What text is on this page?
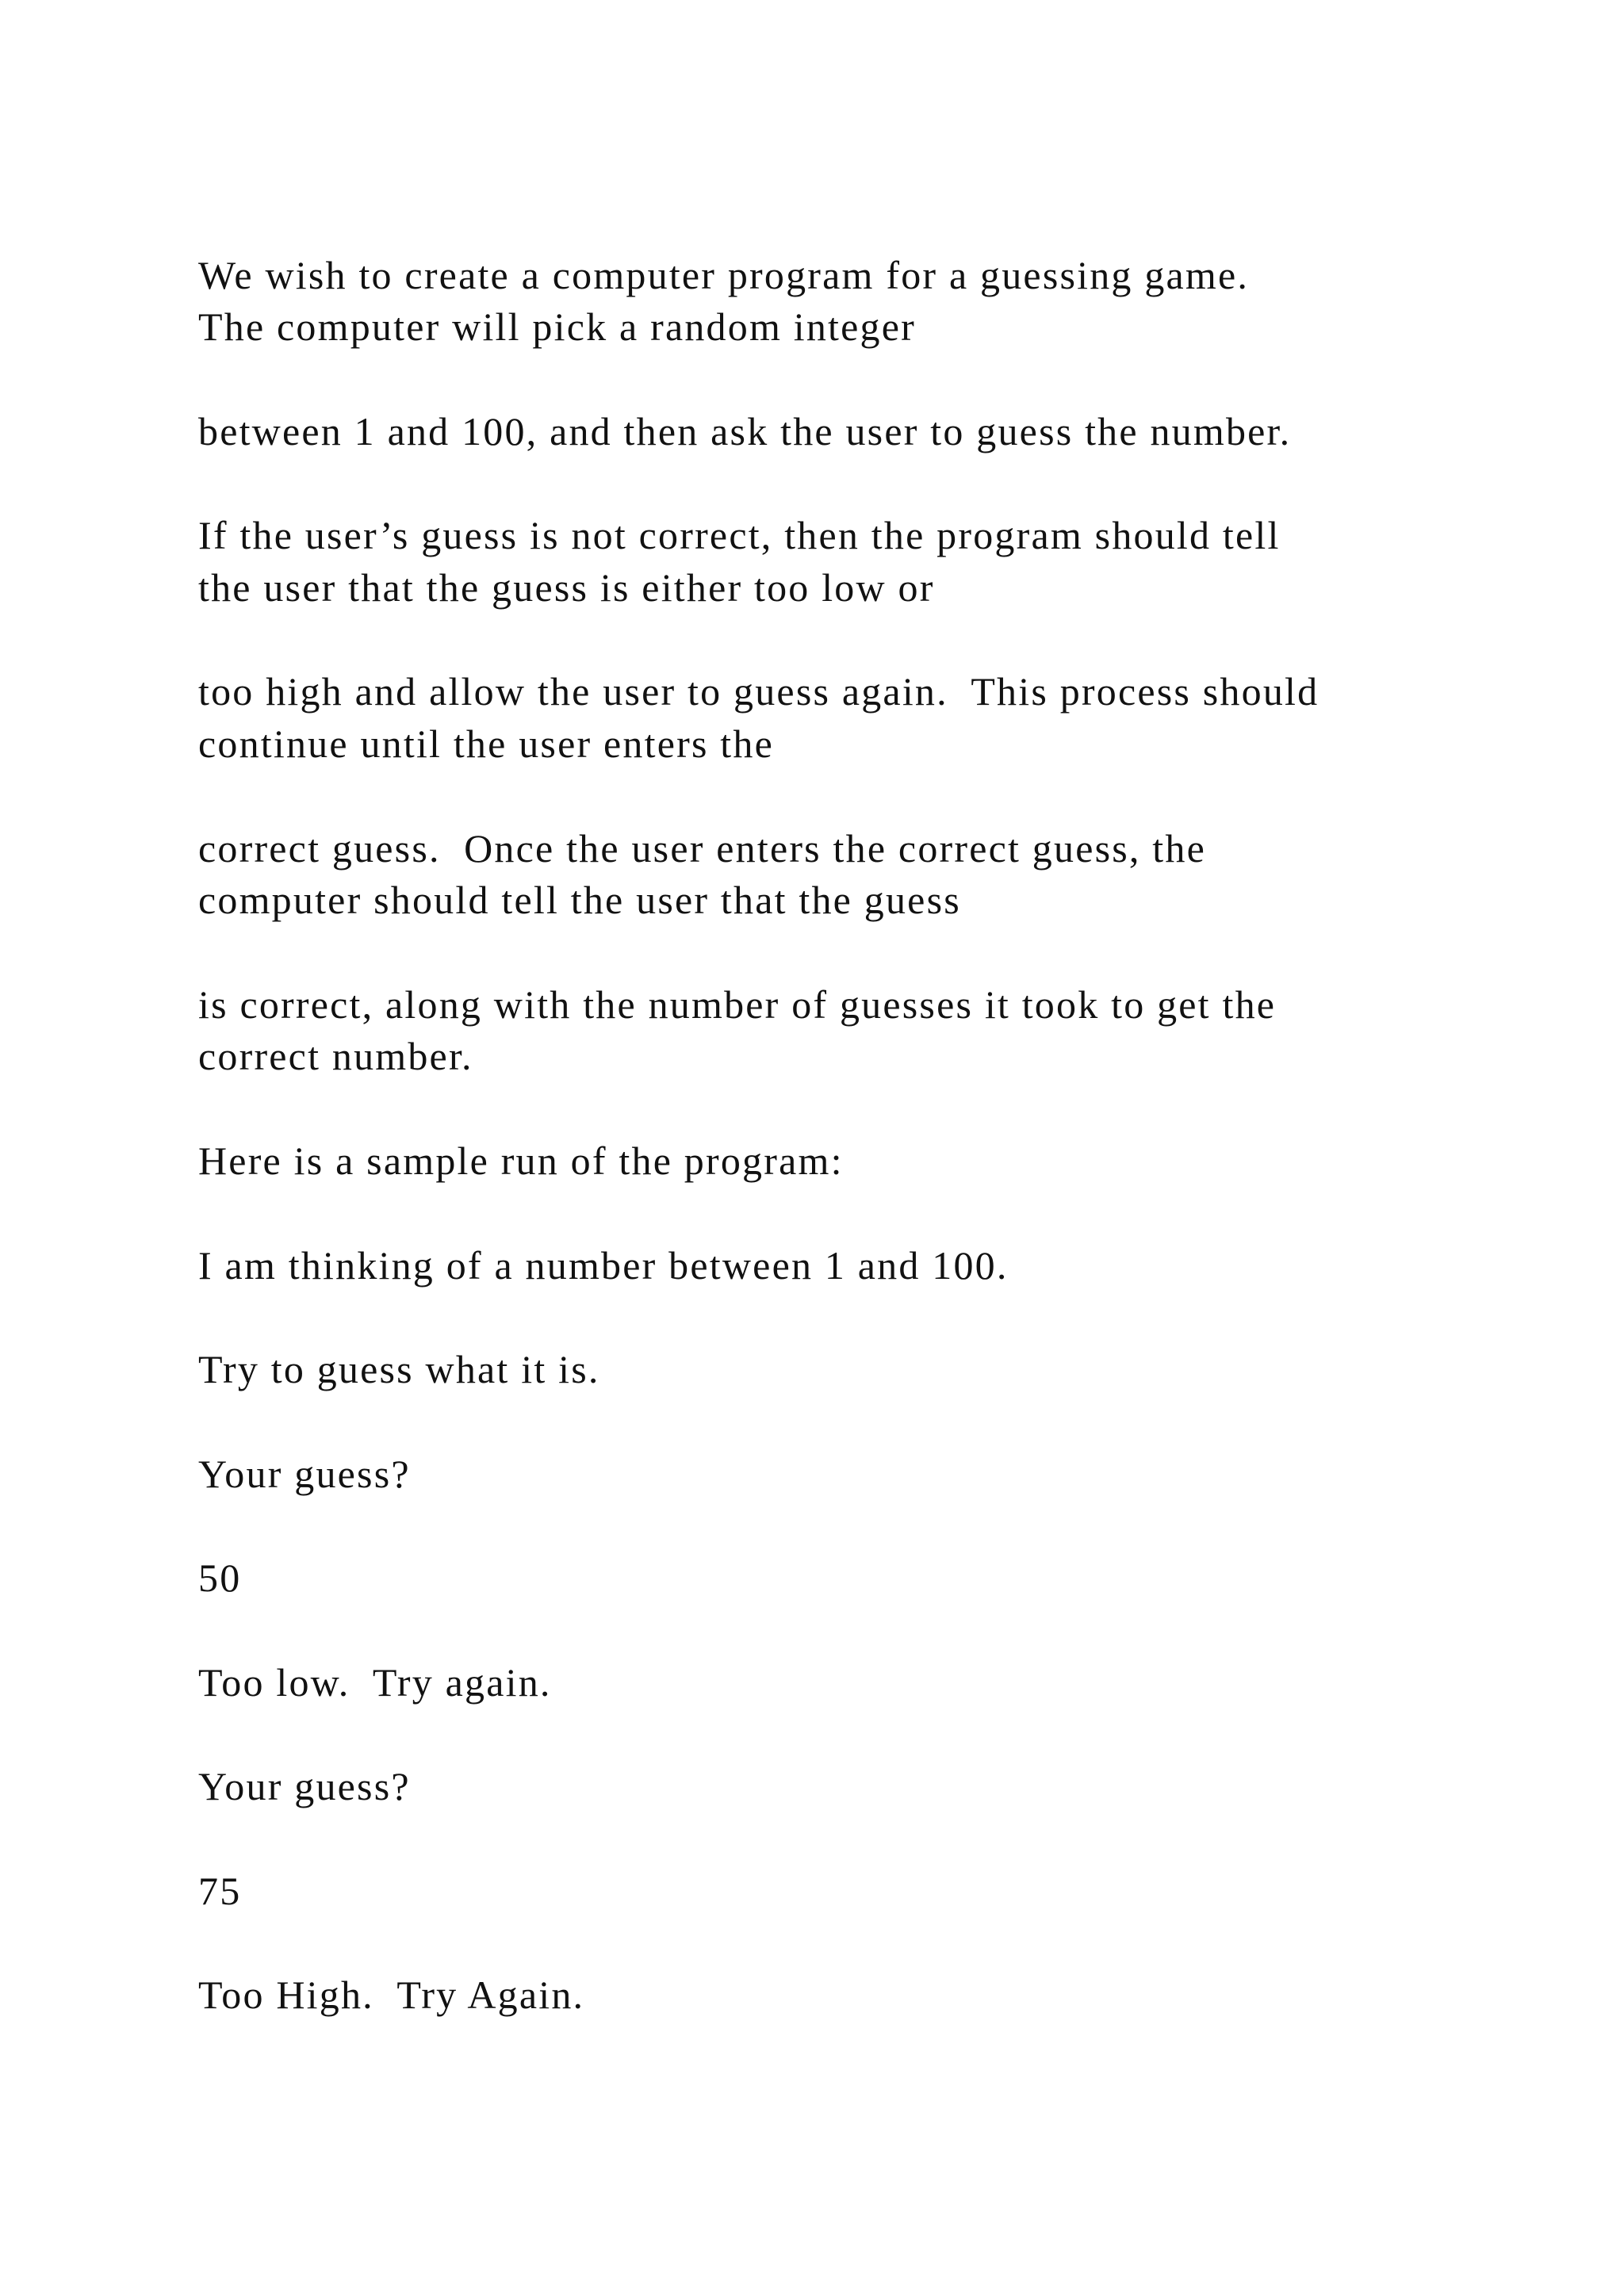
We wish to create a computer program for a guessing game.
The computer will pick a random integer
between 1 and 100, and then ask the user to guess the number.
If the user’s guess is not correct, then the program should tell
the user that the guess is either too low or
too high and allow the user to guess again.  This process should
continue until the user enters the
correct guess.  Once the user enters the correct guess, the
computer should tell the user that the guess
is correct, along with the number of guesses it took to get the
correct number.
Here is a sample run of the program:
I am thinking of a number between 1 and 100.
Try to guess what it is.
Your guess?
50
Too low.  Try again.
Your guess?
75
Too High.  Try Again.
